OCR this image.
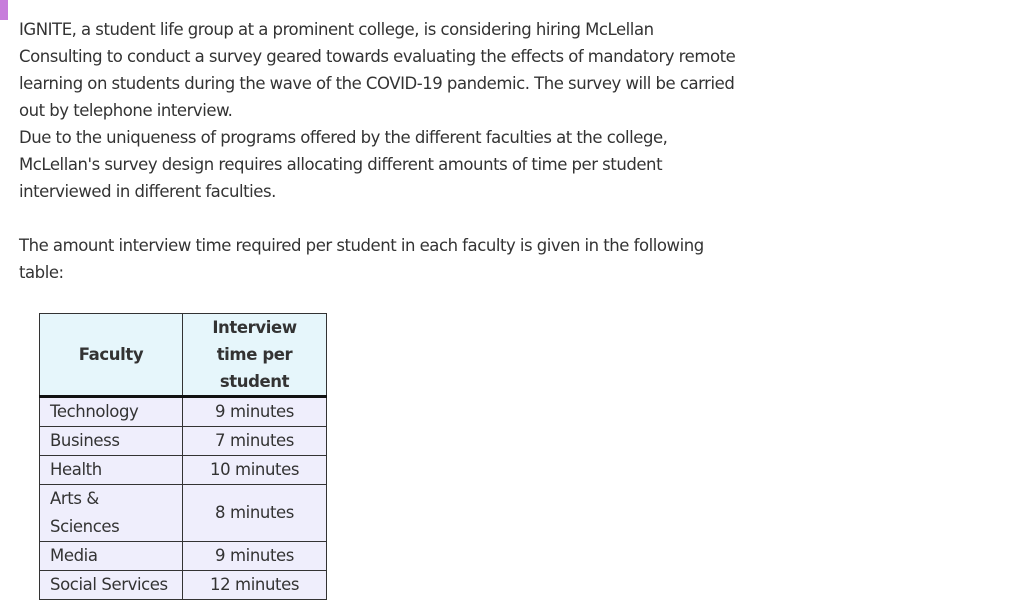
IGNITE, a student life group at a prominent college, is considering hiring McLellan Consulting to conduct a survey geared towards evaluating the effects of mandatory remote learning on students during the wave of the COVID-19 pandemic. The survey will be carried out by telephone interview.

Due to the uniqueness of programs offered by the different faculties at the college, McLellan's survey design requires allocating different amounts of time per student interviewed in different faculties.

The amount interview time required per student in each faculty is given in the following table:

Faculty	Interview time per student
Technology	9 minutes
Business	7 minutes
Health	10 minutes
Arts & Sciences	8 minutes
Media	9 minutes
Social Services	12 minutes
